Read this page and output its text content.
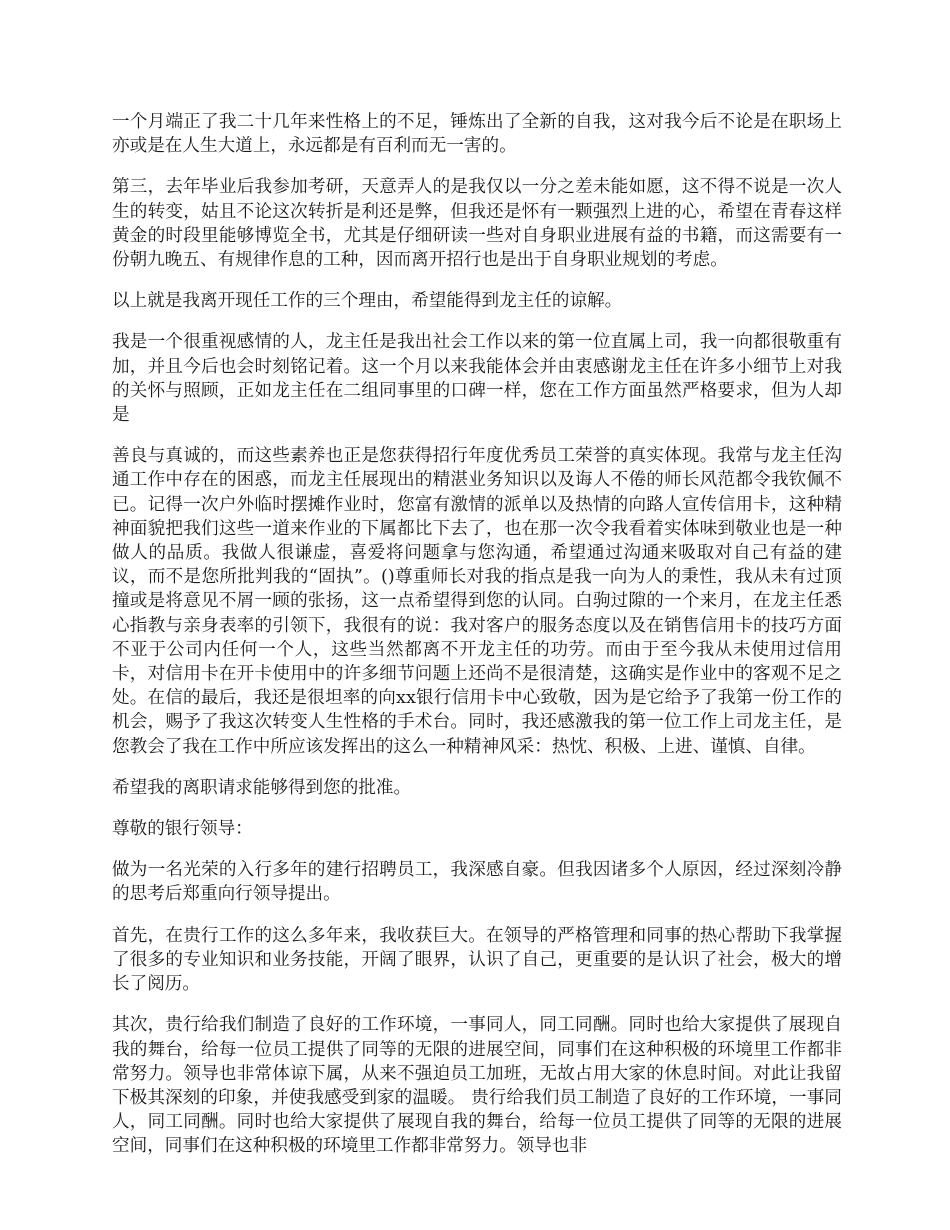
一个月端正了我二十几年来性格上的不足，锤炼出了全新的自我，这对我今后不论是在职场上亦或是在人生大道上，永远都是有百利而无一害的。

第三，去年毕业后我参加考研，天意弄人的是我仅以一分之差未能如愿，这不得不说是一次人生的转变，姑且不论这次转折是利还是弊，但我还是怀有一颗强烈上进的心，希望在青春这样黄金的时段里能够博览全书，尤其是仔细研读一些对自身职业进展有益的书籍，而这需要有一份朝九晚五、有规律作息的工种，因而离开招行也是出于自身职业规划的考虑。

以上就是我离开现任工作的三个理由，希望能得到龙主任的谅解。

我是一个很重视感情的人，龙主任是我出社会工作以来的第一位直属上司，我一向都很敬重有加，并且今后也会时刻铭记着。这一个月以来我能体会并由衷感谢龙主任在许多小细节上对我的关怀与照顾，正如龙主任在二组同事里的口碑一样，您在工作方面虽然严格要求，但为人却是

善良与真诚的，而这些素养也正是您获得招行年度优秀员工荣誉的真实体现。我常与龙主任沟通工作中存在的困惑，而龙主任展现出的精湛业务知识以及诲人不倦的师长风范都令我钦佩不已。记得一次户外临时摆摊作业时，您富有激情的派单以及热情的向路人宣传信用卡，这种精神面貌把我们这些一道来作业的下属都比下去了，也在那一次令我看着实体味到敬业也是一种做人的品质。我做人很谦虚，喜爱将问题拿与您沟通，希望通过沟通来吸取对自己有益的建议，而不是您所批判我的“固执”。()尊重师长对我的指点是我一向为人的秉性，我从未有过顶撞或是将意见不屑一顾的张扬，这一点希望得到您的认同。白驹过隙的一个来月，在龙主任悉心指教与亲身表率的引领下，我很有的说：我对客户的服务态度以及在销售信用卡的技巧方面不亚于公司内任何一个人，这些当然都离不开龙主任的功劳。而由于至今我从未使用过信用卡，对信用卡在开卡使用中的许多细节问题上还尚不是很清楚，这确实是作业中的客观不足之处。在信的最后，我还是很坦率的向xx银行信用卡中心致敬，因为是它给予了我第一份工作的机会，赐予了我这次转变人生性格的手术台。同时，我还感激我的第一位工作上司龙主任，是您教会了我在工作中所应该发挥出的这么一种精神风采：热忱、积极、上进、谨慎、自律。

希望我的离职请求能够得到您的批准。

尊敬的银行领导：

做为一名光荣的入行多年的建行招聘员工，我深感自豪。但我因诸多个人原因，经过深刻冷静的思考后郑重向行领导提出。

首先，在贵行工作的这么多年来，我收获巨大。在领导的严格管理和同事的热心帮助下我掌握了很多的专业知识和业务技能，开阔了眼界，认识了自己，更重要的是认识了社会，极大的增长了阅历。

其次，贵行给我们制造了良好的工作环境，一事同人，同工同酬。同时也给大家提供了展现自我的舞台，给每一位员工提供了同等的无限的进展空间，同事们在这种积极的环境里工作都非常努力。领导也非常体谅下属，从来不强迫员工加班，无故占用大家的休息时间。对此让我留下极其深刻的印象，并使我感受到家的温暖。 贵行给我们员工制造了良好的工作环境，一事同人，同工同酬。同时也给大家提供了展现自我的舞台，给每一位员工提供了同等的无限的进展空间，同事们在这种积极的环境里工作都非常努力。领导也非
